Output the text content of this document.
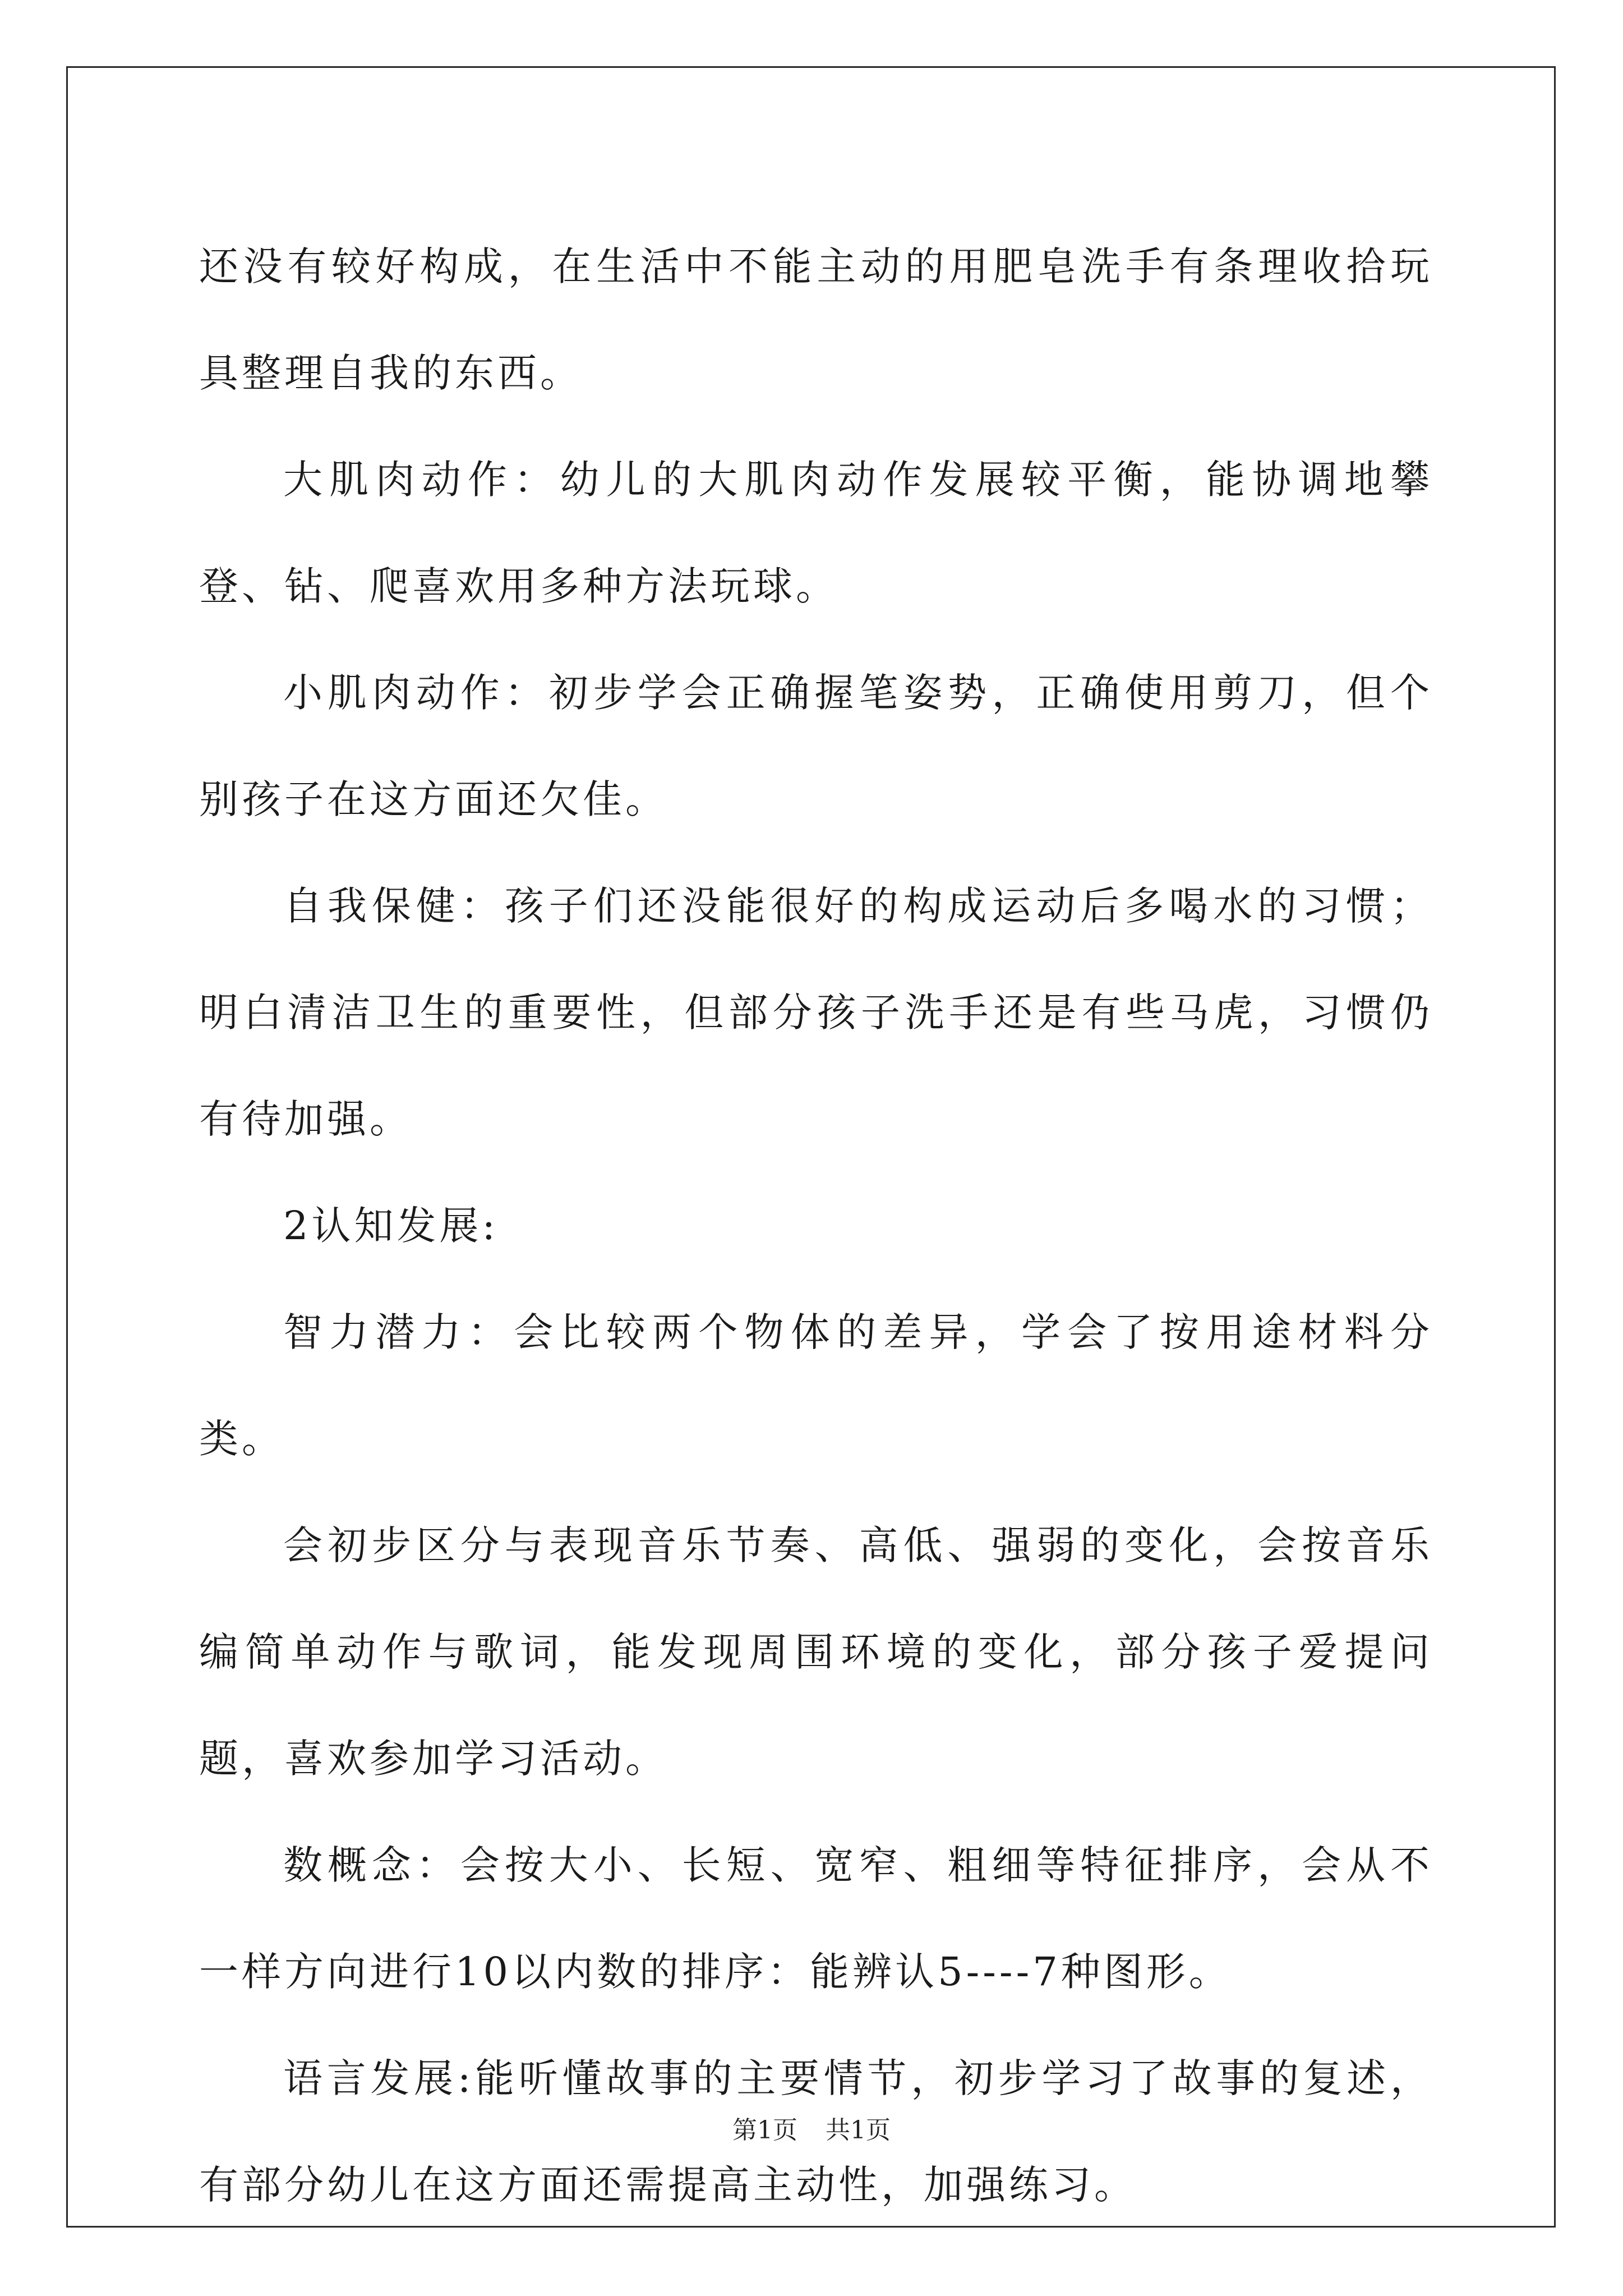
还没有较好构成，在生活中不能主动的用肥皂洗手有条理收拾玩具整理自我的东西。

大肌肉动作：幼儿的大肌肉动作发展较平衡，能协调地攀登、钻、爬喜欢用多种方法玩球。

小肌肉动作：初步学会正确握笔姿势，正确使用剪刀，但个别孩子在这方面还欠佳。

自我保健：孩子们还没能很好的构成运动后多喝水的习惯；明白清洁卫生的重要性，但部分孩子洗手还是有些马虎，习惯仍有待加强。

2认知发展:

智力潜力：会比较两个物体的差异，学会了按用途材料分类。

会初步区分与表现音乐节奏、高低、强弱的变化，会按音乐编简单动作与歌词，能发现周围环境的变化，部分孩子爱提问题，喜欢参加学习活动。

数概念：会按大小、长短、宽窄、粗细等特征排序，会从不一样方向进行10以内数的排序：能辨认5----7种图形。

语言发展:能听懂故事的主要情节，初步学习了故事的复述，有部分幼儿在这方面还需提高主动性，加强练习。

第1页 共1页
